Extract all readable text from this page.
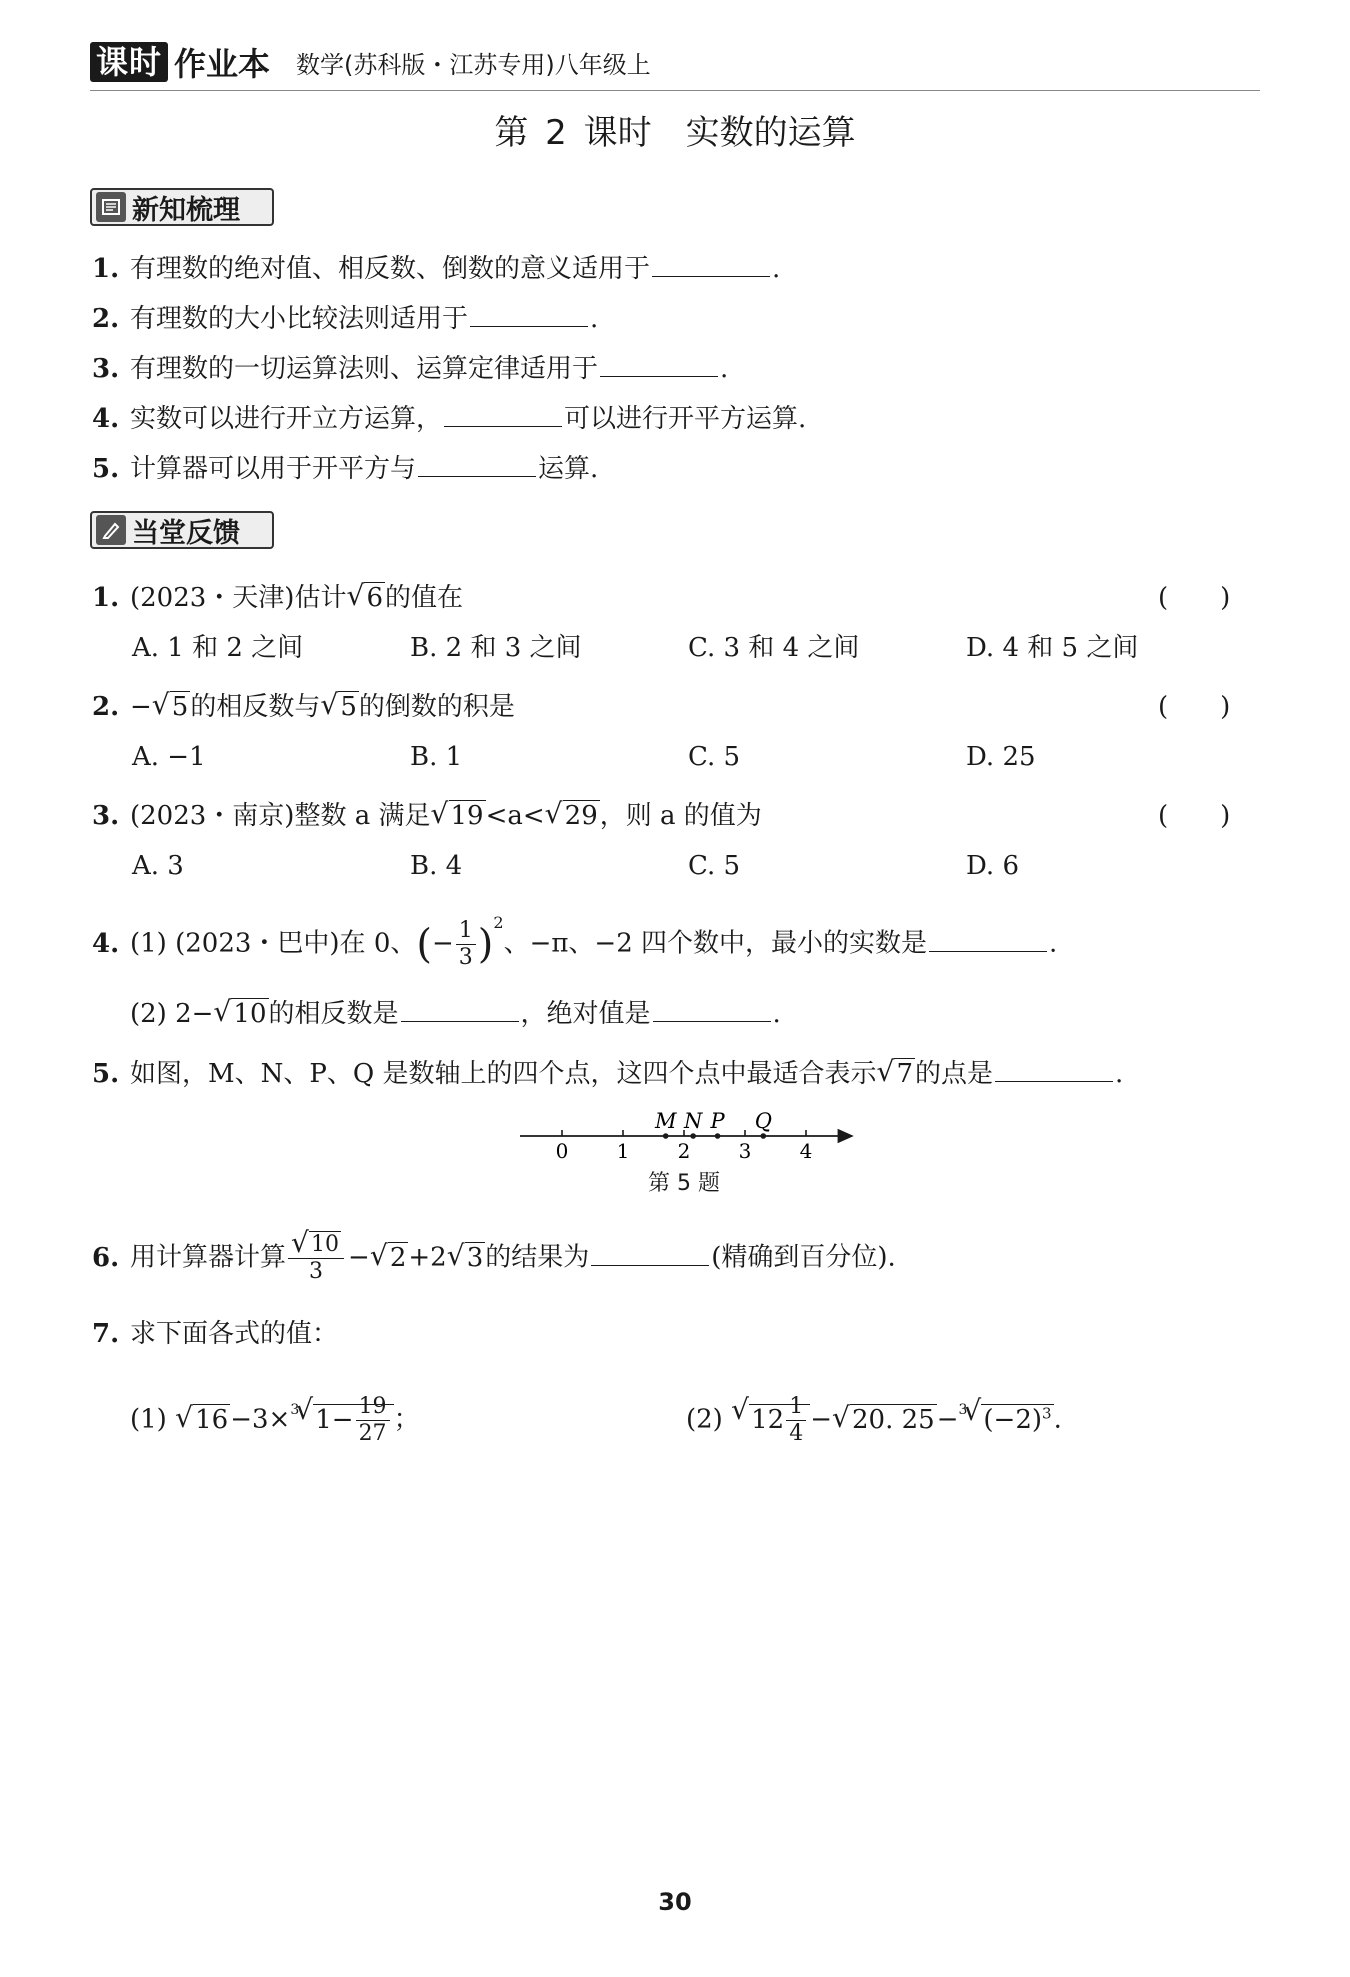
课时 作业本 数学(苏科版・江苏专用)八年级上
第 2 课时　实数的运算
新知梳理
1. 有理数的绝对值、相反数、倒数的意义适用于	.
2. 有理数的大小比较法则适用于	.
3. 有理数的一切运算法则、运算定律适用于	.
4. 实数可以进行开立方运算，	可以进行开平方运算.
5. 计算器可以用于开平方与	运算.
当堂反馈
1. (2023・天津)估计 √ 6的值在	(　　)
A. 1 和 2 之间	B. 2 和 3 之间	C. 3 和 4 之间	D. 4 和 5 之间
2. − √ 5的相反数与 √ 5的倒数的积是	(　　)
A. −1	B. 1	C. 5	D. 25
3. (2023・南京)整数 a 满足 √ 19<a< √ 29，则 a 的值为	(　　)
A. 3	B. 4	C. 5	D. 6
4. (1) (2023・巴中)在 0、(− $\frac{1}{3} )^2$、−π、−2 四个数中，最小的实数是	.
(2) 2− √ 10的相反数是	，绝对值是	.
5. 如图，M、N、P、Q 是数轴上的四个点，这四个点中最适合表示 √ 7的点是	.
0 1 2 3 4
M N P Q
第 5 题
6. 用计算器计算 √ $\frac{10}{3}$ − √ 2+2 √ 3的结果为	(精确到百分位).
7. 求下面各式的值：
(1) √ 16−3×$^3$ √ $1- \frac{19}{27}$ ；	(2) √ $12 \frac{1}{4}$ − √ 20. 25−$^3$ √ $(-2)^3$.
30
